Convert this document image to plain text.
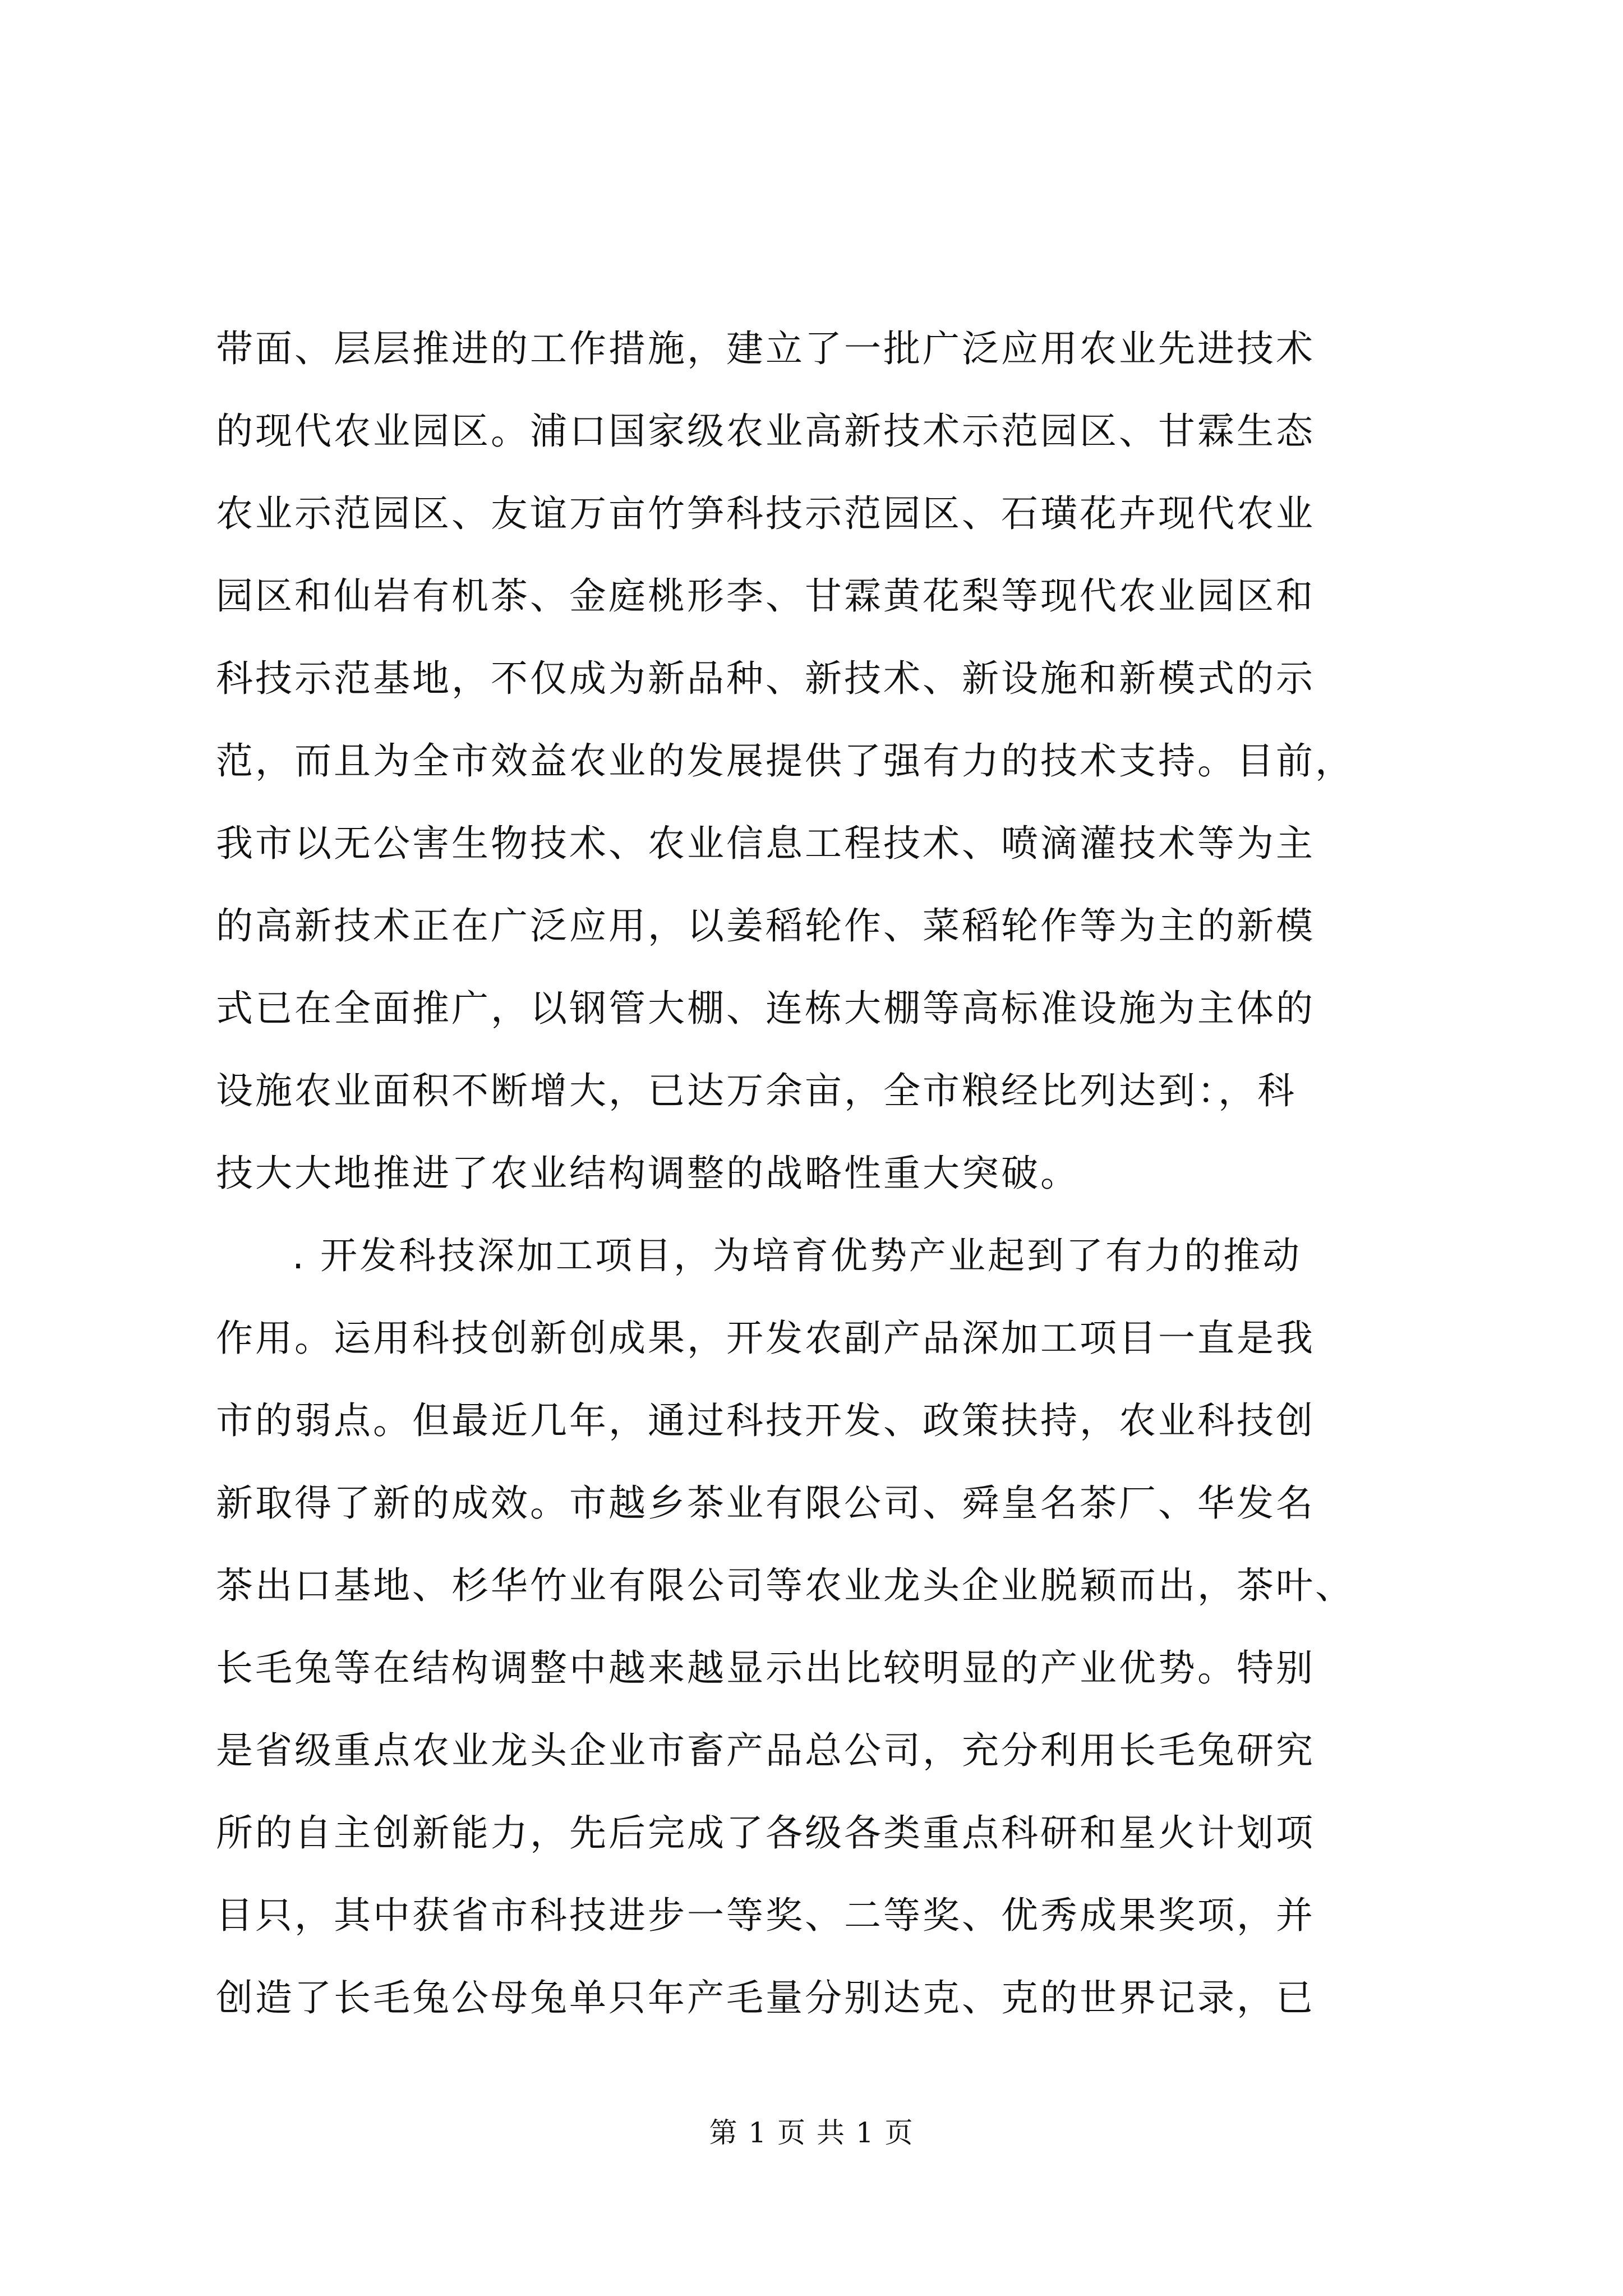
带面、层层推进的工作措施，建立了一批广泛应用农业先进技术
的现代农业园区。浦口国家级农业高新技术示范园区、甘霖生态
农业示范园区、友谊万亩竹笋科技示范园区、石璜花卉现代农业
园区和仙岩有机茶、金庭桃形李、甘霖黄花梨等现代农业园区和
科技示范基地，不仅成为新品种、新技术、新设施和新模式的示
范，而且为全市效益农业的发展提供了强有力的技术支持。目前，
我市以无公害生物技术、农业信息工程技术、喷滴灌技术等为主
的高新技术正在广泛应用，以姜稻轮作、菜稻轮作等为主的新模
式已在全面推广，以钢管大棚、连栋大棚等高标准设施为主体的
设施农业面积不断增大，已达万余亩，全市粮经比列达到：，科
技大大地推进了农业结构调整的战略性重大突破。
. 开发科技深加工项目，为培育优势产业起到了有力的推动
作用。运用科技创新创成果，开发农副产品深加工项目一直是我
市的弱点。但最近几年，通过科技开发、政策扶持，农业科技创
新取得了新的成效。市越乡茶业有限公司、舜皇名茶厂、华发名
茶出口基地、杉华竹业有限公司等农业龙头企业脱颖而出，茶叶、
长毛兔等在结构调整中越来越显示出比较明显的产业优势。特别
是省级重点农业龙头企业市畜产品总公司，充分利用长毛兔研究
所的自主创新能力，先后完成了各级各类重点科研和星火计划项
目只，其中获省市科技进步一等奖、二等奖、优秀成果奖项，并
创造了长毛兔公母兔单只年产毛量分别达克、克的世界记录，已
第 1 页 共 1 页
